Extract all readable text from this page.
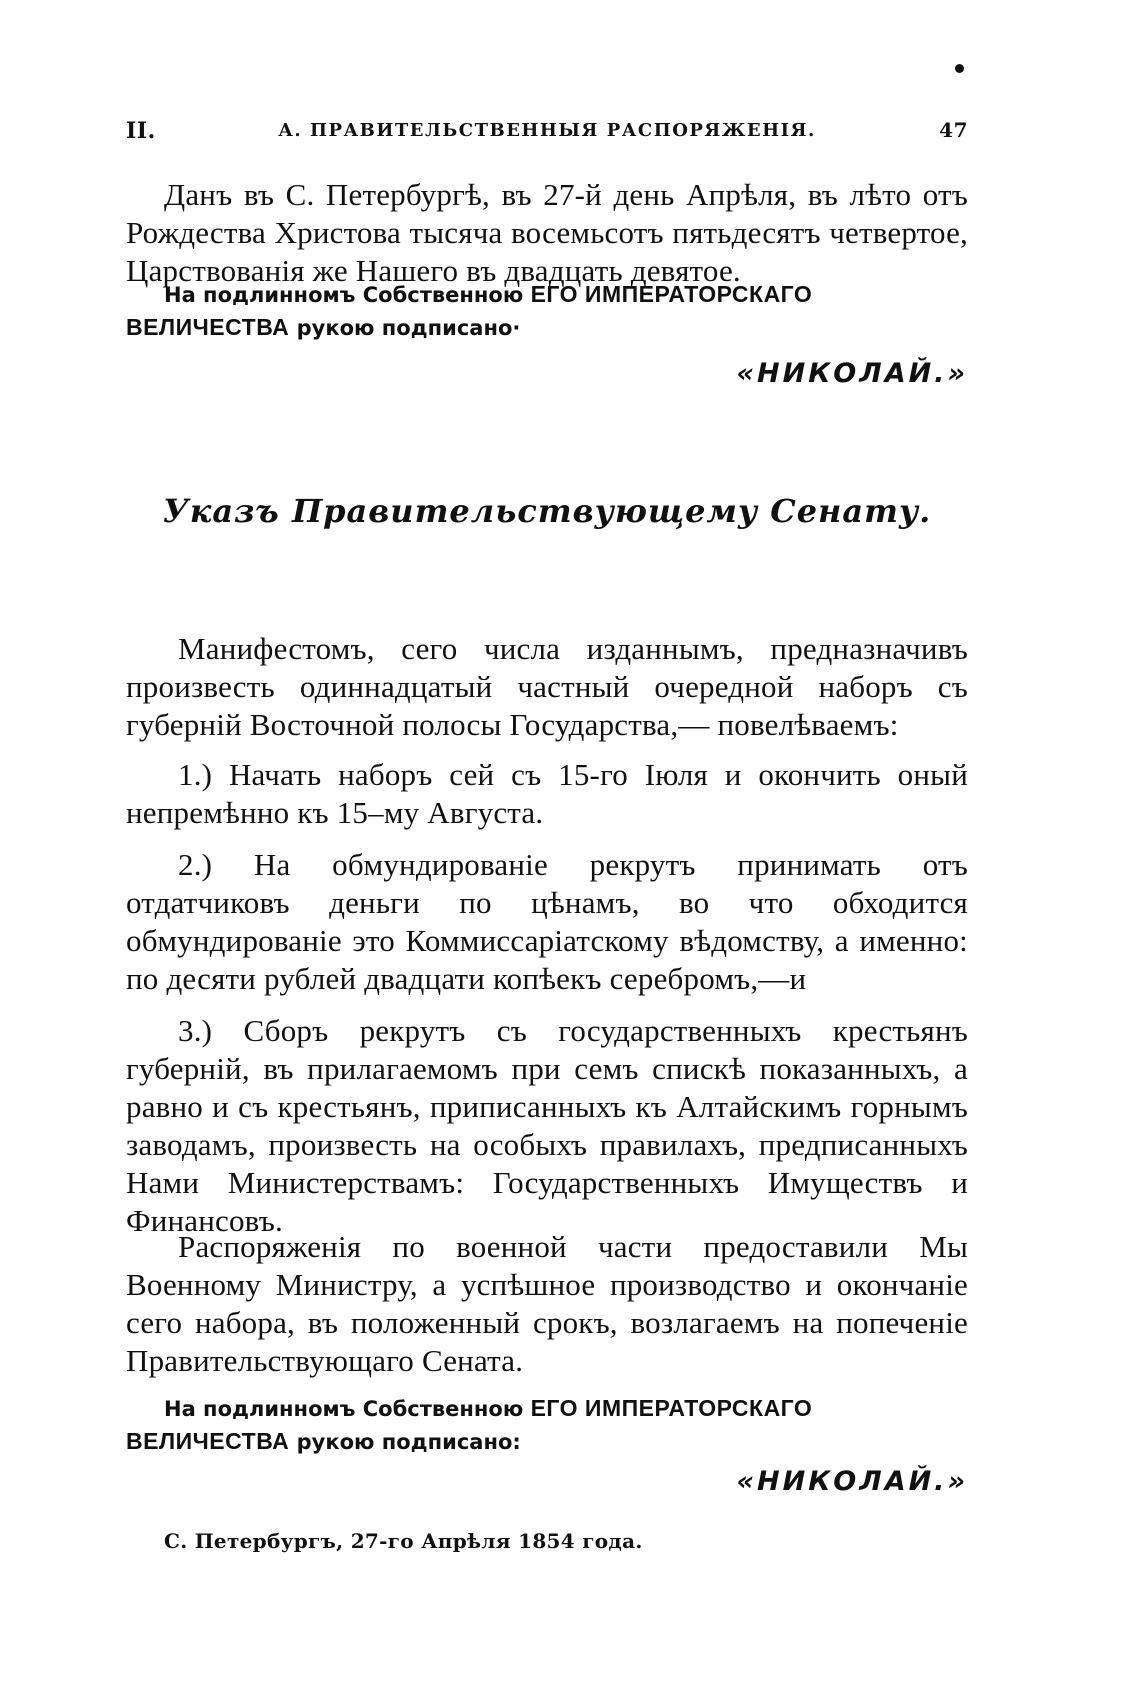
II.	А. ПРАВИТЕЛЬСТВЕННЫЯ РАСПОРЯЖЕНІЯ.	47

Данъ въ С. Петербургѣ, въ 27-й день Апрѣля, въ лѣто отъ Рождества Христова тысяча восемьсотъ пятьдесятъ четвертое, Царствованія же Нашего въ двадцать девятое.

На подлинномъ Собственною ЕГО ИМПЕРАТОРСКАГО ВЕЛИЧЕСТВА рукою подписано·
«НИКОЛАЙ.»
Указъ Правительствующему Сенату.

Манифестомъ, сего числа изданнымъ, предназначивъ произвесть одиннадцатый частный очередной наборъ съ губерній Восточной полосы Государства,— повелѣваемъ:

1.) Начать наборъ сей съ 15-го Іюля и окончить оный непремѣнно къ 15–му Августа.

2.) На обмундированіе рекрутъ принимать отъ отдатчиковъ деньги по цѣнамъ, во что обходится обмундированіе это Коммиссаріатскому вѣдомству, а именно: по десяти рублей двадцати копѣекъ серебромъ,—и

3.) Сборъ рекрутъ съ государственныхъ крестьянъ губерній, въ прилагаемомъ при семъ спискѣ показанныхъ, а равно и съ крестьянъ, приписанныхъ къ Алтайскимъ горнымъ заводамъ, произвесть на особыхъ правилахъ, предписанныхъ Нами Министерствамъ: Государственныхъ Имуществъ и Финансовъ.

Распоряженія по военной части предоставили Мы Военному Министру, а успѣшное производство и окончаніе сего набора, въ положенный срокъ, возлагаемъ на попеченіе Правительствующаго Сената.

На подлинномъ Собственною ЕГО ИМПЕРАТОРСКАГО ВЕЛИЧЕСТВА рукою подписано:
«НИКОЛАЙ.»
С. Петербургъ, 27-го Апрѣля 1854 года.
